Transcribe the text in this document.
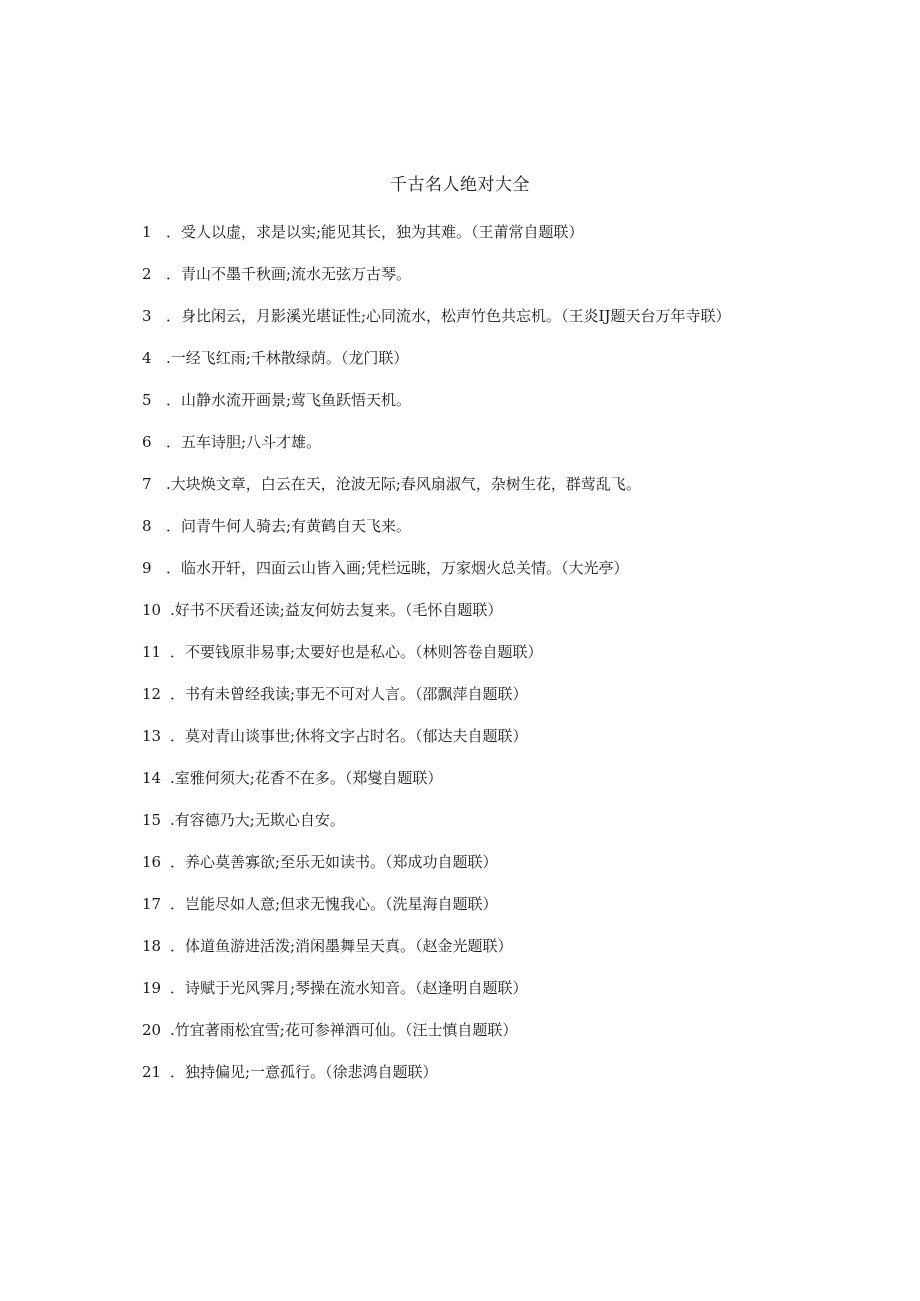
千古名人绝对大全
1 ．受人以虚，求是以实;能见其长，独为其难。（王莆常自题联）
2 ．青山不墨千秋画;流水无弦万古琴。
3 ．身比闲云，月影溪光堪证性;心同流水，松声竹色共忘机。（王炎IJ题天台万年寺联）
4 .一经飞红雨;千林散绿荫。（龙门联）
5 ．山静水流开画景;莺飞鱼跃悟天机。
6 ．五车诗胆;八斗才雄。
7 .大块焕文章，白云在天，沧波无际;春风扇淑气，杂树生花，群莺乱飞。
8 ．问青牛何人骑去;有黄鹤自天飞来。
9 ．临水开轩，四面云山皆入画;凭栏远眺，万家烟火总关情。（大光亭）
10 .好书不厌看还读;益友何妨去复来。（毛怀自题联）
11 ．不要钱原非易事;太要好也是私心。（林则答卷自题联）
12 ．书有未曾经我读;事无不可对人言。（邵飘萍自题联）
13 ．莫对青山谈事世;休将文字占时名。（郁达夫自题联）
14 .室雅何须大;花香不在多。（郑燮自题联）
15 .有容德乃大;无欺心自安。
16 ．养心莫善寡欲;至乐无如读书。（郑成功自题联）
17 ．岂能尽如人意;但求无愧我心。（洗星海自题联）
18 ．体道鱼游进活泼;消闲墨舞呈天真。（赵金光题联）
19 ．诗赋于光风霁月;琴操在流水知音。（赵逢明自题联）
20 .竹宜著雨松宜雪;花可参禅酒可仙。（汪士慎自题联）
21 ．独持偏见;一意孤行。（徐悲鸿自题联）
